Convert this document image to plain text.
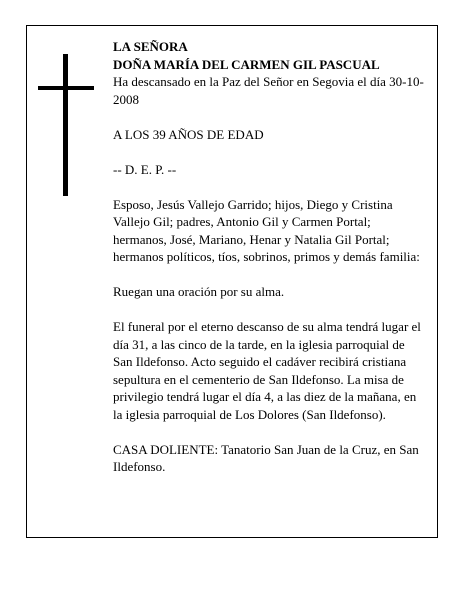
LA SEÑORA

DOÑA MARÍA DEL CARMEN GIL PASCUAL

Ha descansado en la Paz del Señor en Segovia el día 30-10-2008

A LOS 39 AÑOS DE EDAD

-- D. E. P. --

Esposo, Jesús Vallejo Garrido; hijos, Diego y Cristina Vallejo Gil; padres, Antonio Gil y Carmen Portal; hermanos, José, Mariano, Henar y Natalia Gil Portal; hermanos políticos, tíos, sobrinos, primos y demás familia:

Ruegan una oración por su alma.

El funeral por el eterno descanso de su alma tendrá lugar el día 31, a las cinco de la tarde, en la iglesia parroquial de San Ildefonso. Acto seguido el cadáver recibirá cristiana sepultura en el cementerio de San Ildefonso. La misa de privilegio tendrá lugar el día 4, a las diez de la mañana, en la iglesia parroquial de Los Dolores (San Ildefonso).

CASA DOLIENTE: Tanatorio San Juan de la Cruz, en San Ildefonso.
